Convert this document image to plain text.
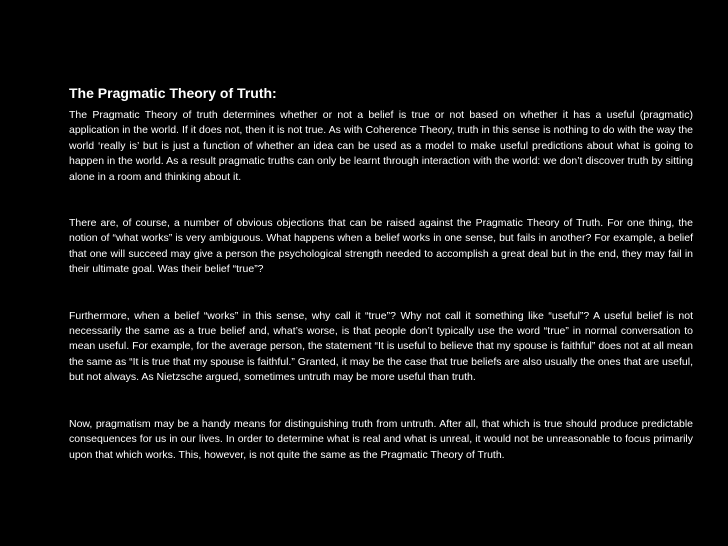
The Pragmatic Theory of Truth:

The Pragmatic Theory of truth determines whether or not a belief is true or not based on whether it has a useful (pragmatic) application in the world. If it does not, then it is not true. As with Coherence Theory, truth in this sense is nothing to do with the way the world ‘really is’ but is just a function of whether an idea can be used as a model to make useful predictions about what is going to happen in the world. As a result pragmatic truths can only be learnt through interaction with the world: we don’t discover truth by sitting alone in a room and thinking about it.

There are, of course, a number of obvious objections that can be raised against the Pragmatic Theory of Truth. For one thing, the notion of “what works” is very ambiguous. What happens when a belief works in one sense, but fails in another? For example, a belief that one will succeed may give a person the psychological strength needed to accomplish a great deal but in the end, they may fail in their ultimate goal. Was their belief “true”?

Furthermore, when a belief “works” in this sense, why call it “true”? Why not call it something like “useful”? A useful belief is not necessarily the same as a true belief and, what’s worse, is that people don’t typically use the word “true” in normal conversation to mean useful. For example, for the average person, the statement “It is useful to believe that my spouse is faithful” does not at all mean the same as “It is true that my spouse is faithful.” Granted, it may be the case that true beliefs are also usually the ones that are useful, but not always. As Nietzsche argued, sometimes untruth may be more useful than truth.

Now, pragmatism may be a handy means for distinguishing truth from untruth. After all, that which is true should produce predictable consequences for us in our lives. In order to determine what is real and what is unreal, it would not be unreasonable to focus primarily upon that which works. This, however, is not quite the same as the Pragmatic Theory of Truth.
